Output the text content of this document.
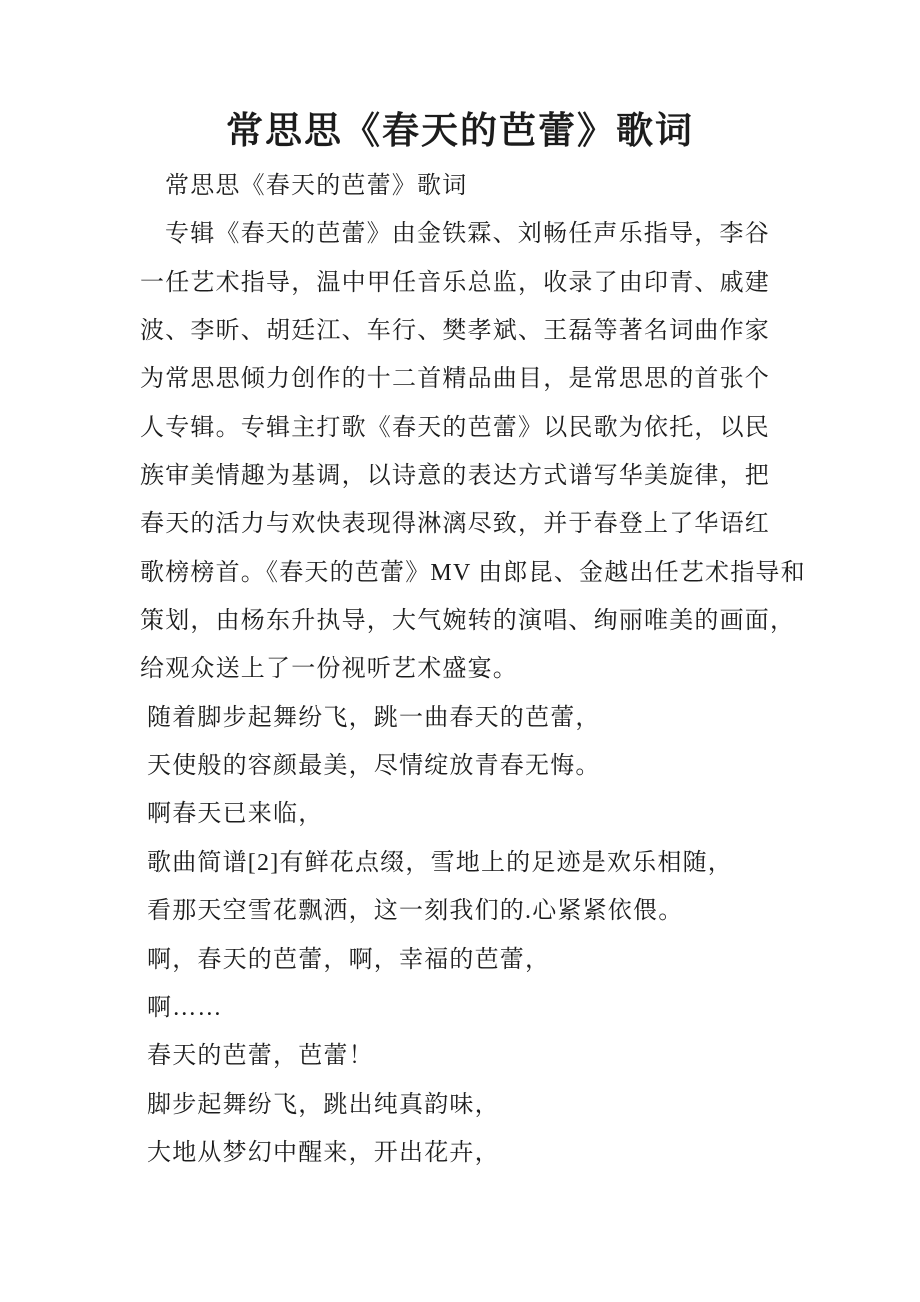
常思思《春天的芭蕾》歌词
常思思《春天的芭蕾》歌词
专辑《春天的芭蕾》由金铁霖、刘畅任声乐指导，李谷
一任艺术指导，温中甲任音乐总监，收录了由印青、戚建
波、李昕、胡廷江、车行、樊孝斌、王磊等著名词曲作家
为常思思倾力创作的十二首精品曲目，是常思思的首张个
人专辑。专辑主打歌《春天的芭蕾》以民歌为依托，以民
族审美情趣为基调，以诗意的表达方式谱写华美旋律，把
春天的活力与欢快表现得淋漓尽致，并于春登上了华语红
歌榜榜首。《春天的芭蕾》MV 由郎昆、金越出任艺术指导和
策划，由杨东升执导，大气婉转的演唱、绚丽唯美的画面，
给观众送上了一份视听艺术盛宴。
随着脚步起舞纷飞，跳一曲春天的芭蕾，
天使般的容颜最美，尽情绽放青春无悔。
啊春天已来临，
歌曲简谱[2]有鲜花点缀，雪地上的足迹是欢乐相随，
看那天空雪花飘洒，这一刻我们的.心紧紧依偎。
啊，春天的芭蕾，啊，幸福的芭蕾，
啊……
春天的芭蕾，芭蕾！
脚步起舞纷飞，跳出纯真韵味，
大地从梦幻中醒来，开出花卉，
